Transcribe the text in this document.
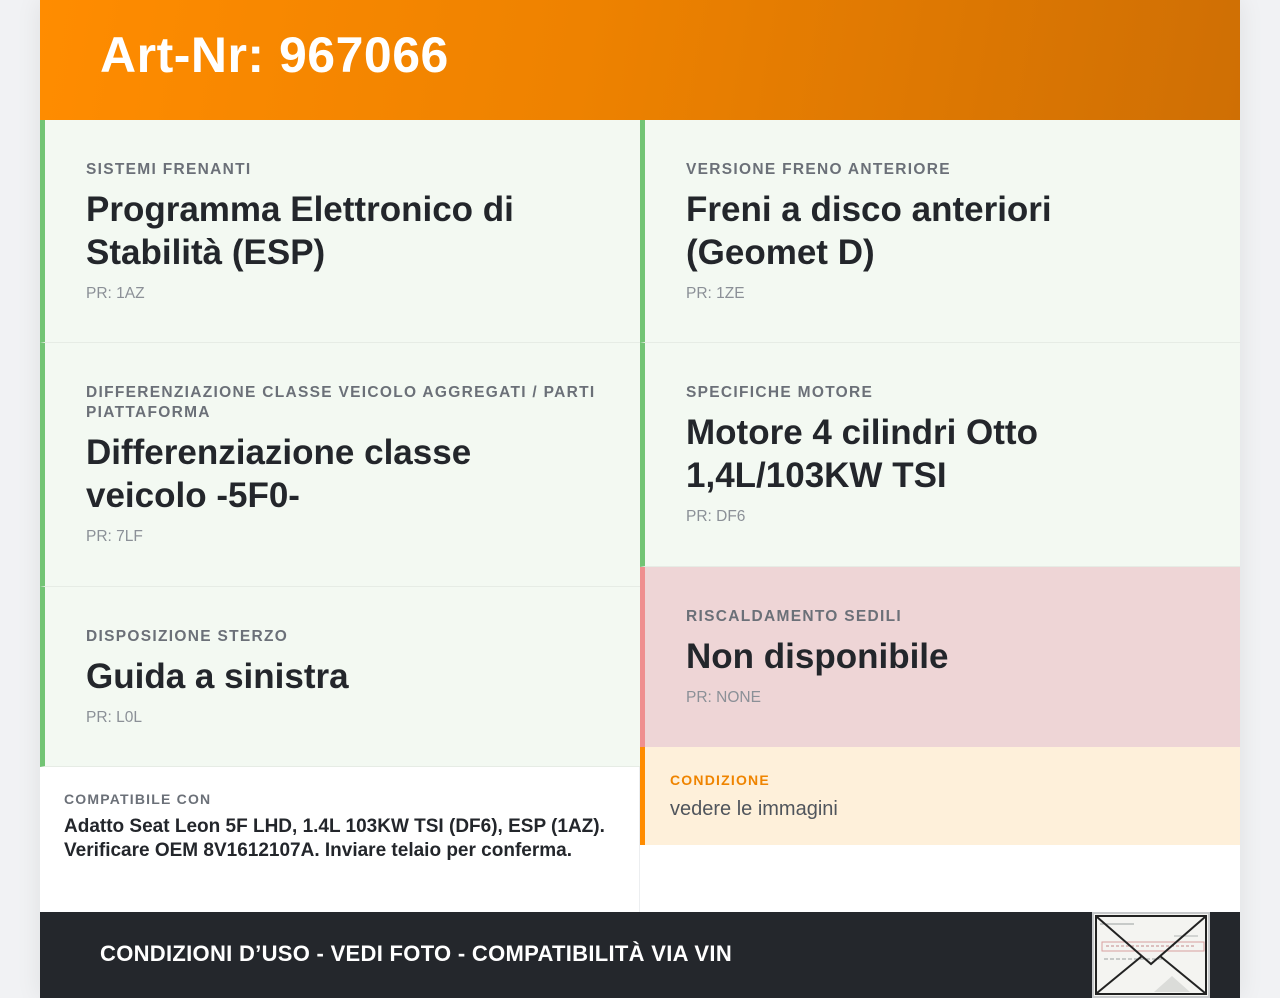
Art-Nr: 967066
SISTEMI FRENANTI
Programma Elettronico di Stabilità (ESP)
PR: 1AZ
DIFFERENZIAZIONE CLASSE VEICOLO AGGREGATI / PARTI PIATTAFORMA
Differenziazione classe veicolo -5F0-
PR: 7LF
DISPOSIZIONE STERZO
Guida a sinistra
PR: L0L
COMPATIBILE CON
Adatto Seat Leon 5F LHD, 1.4L 103KW TSI (DF6), ESP (1AZ). Verificare OEM 8V1612107A. Inviare telaio per conferma.
VERSIONE FRENO ANTERIORE
Freni a disco anteriori (Geomet D)
PR: 1ZE
SPECIFICHE MOTORE
Motore 4 cilindri Otto 1,4L/103KW TSI
PR: DF6
RISCALDAMENTO SEDILI
Non disponibile
PR: NONE
CONDIZIONE
vedere le immagini
CONDIZIONI D’USO - VEDI FOTO - COMPATIBILITÀ VIA VIN
